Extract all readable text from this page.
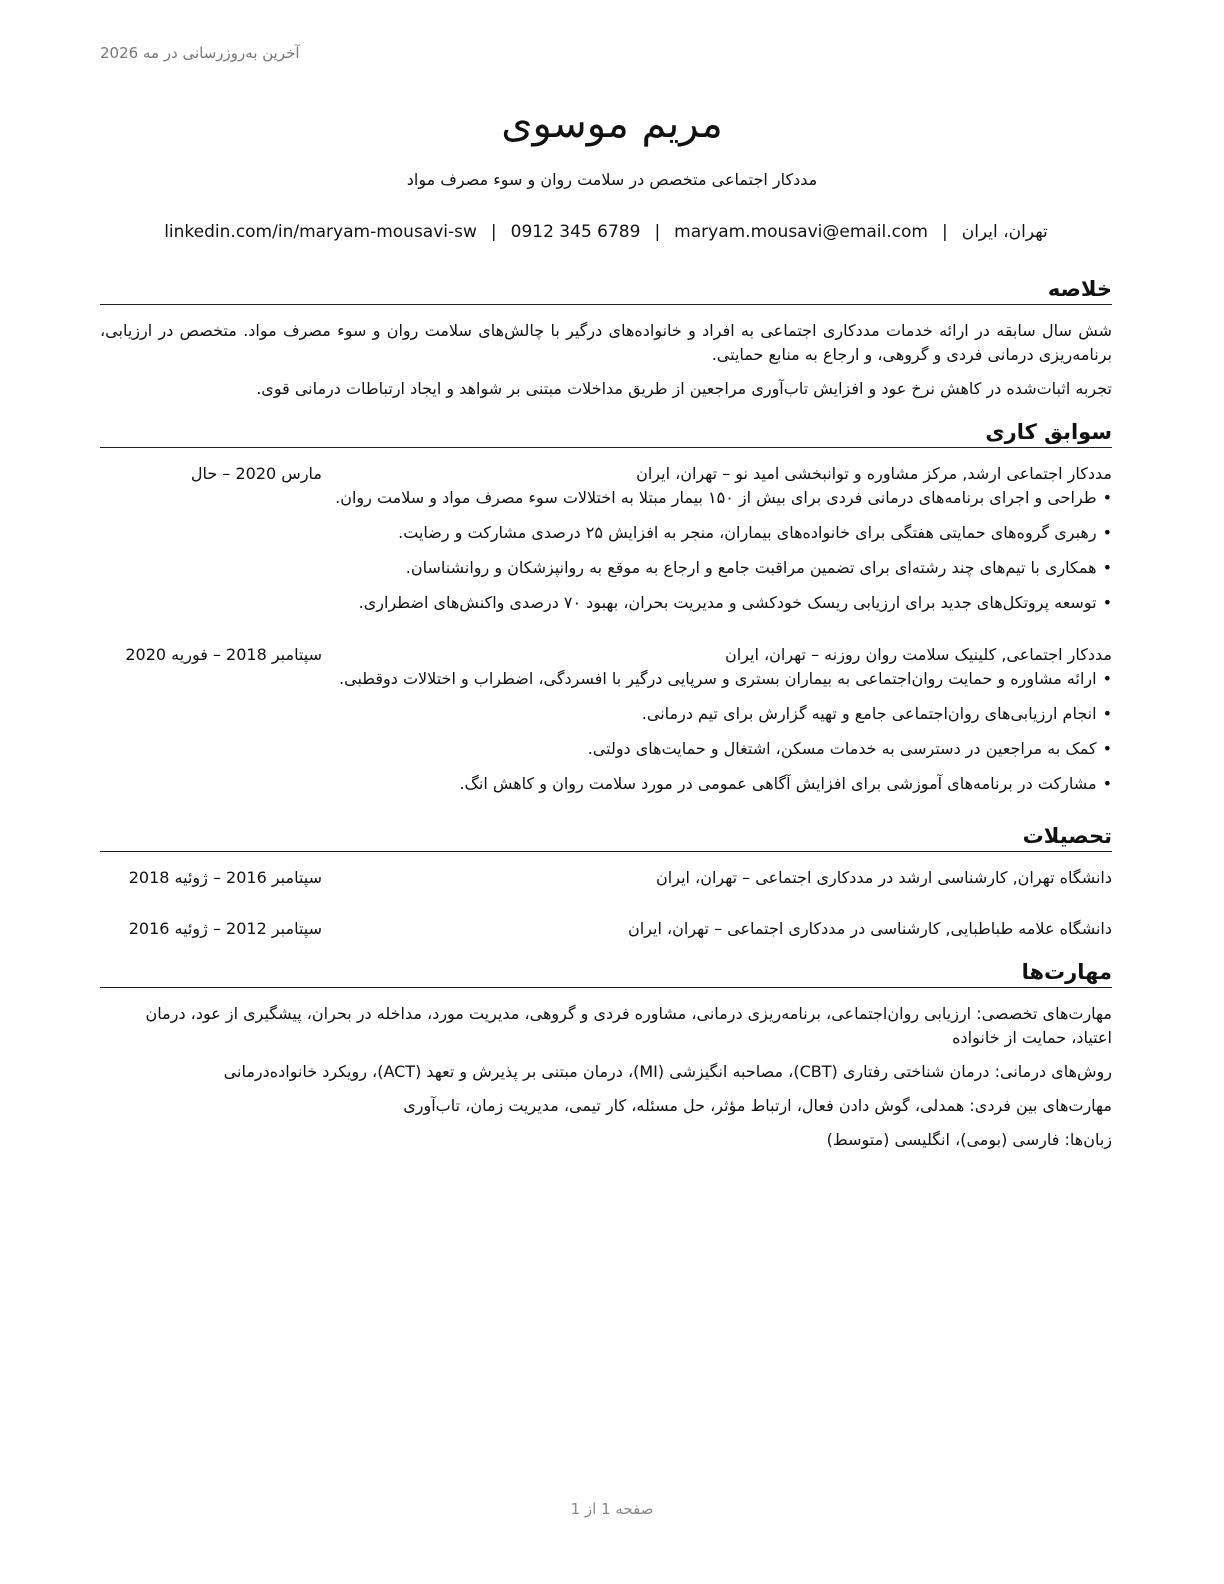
آخرین به‌روزرسانی در مه 2026
مریم موسوی
مددکار اجتماعی متخصص در سلامت روان و سوء مصرف مواد
تهران، ایران
|
maryam.mousavi@email.com
|
0912 345 6789
|
linkedin.com/in/maryam-mousavi-sw
خلاصه

شش سال سابقه در ارائه خدمات مددکاری اجتماعی به افراد و خانواده‌های درگیر با چالش‌های سلامت روان و سوء مصرف مواد. متخصص در ارزیابی، برنامه‌ریزی درمانی فردی و گروهی، و ارجاع به منابع حمایتی.

تجربه اثبات‌شده در کاهش نرخ عود و افزایش تاب‌آوری مراجعین از طریق مداخلات مبتنی بر شواهد و ایجاد ارتباطات درمانی قوی.

سوابق کاری
مددکار اجتماعی ارشد, مرکز مشاوره و توانبخشی امید نو – تهران، ایران
مارس 2020 – حال
• طراحی و اجرای برنامه‌های درمانی فردی برای بیش از ۱۵۰ بیمار مبتلا به اختلالات سوء مصرف مواد و سلامت روان.
• رهبری گروه‌های حمایتی هفتگی برای خانواده‌های بیماران، منجر به افزایش ۲۵ درصدی مشارکت و رضایت.
• همکاری با تیم‌های چند رشته‌ای برای تضمین مراقبت جامع و ارجاع به موقع به روانپزشکان و روانشناسان.
• توسعه پروتکل‌های جدید برای ارزیابی ریسک خودکشی و مدیریت بحران، بهبود ۷۰ درصدی واکنش‌های اضطراری.
مددکار اجتماعی, کلینیک سلامت روان روزنه – تهران، ایران
سپتامبر 2018 – فوریه 2020
• ارائه مشاوره و حمایت روان‌اجتماعی به بیماران بستری و سرپایی درگیر با افسردگی، اضطراب و اختلالات دوقطبی.
• انجام ارزیابی‌های روان‌اجتماعی جامع و تهیه گزارش برای تیم درمانی.
• کمک به مراجعین در دسترسی به خدمات مسکن، اشتغال و حمایت‌های دولتی.
• مشارکت در برنامه‌های آموزشی برای افزایش آگاهی عمومی در مورد سلامت روان و کاهش انگ.
تحصیلات
دانشگاه تهران, کارشناسی ارشد در مددکاری اجتماعی – تهران، ایران
سپتامبر 2016 – ژوئیه 2018
دانشگاه علامه طباطبایی, کارشناسی در مددکاری اجتماعی – تهران، ایران
سپتامبر 2012 – ژوئیه 2016
مهارت‌ها

مهارت‌های تخصصی: ارزیابی روان‌اجتماعی، برنامه‌ریزی درمانی، مشاوره فردی و گروهی، مدیریت مورد، مداخله در بحران، پیشگیری از عود، درمان اعتیاد، حمایت از خانواده

روش‌های درمانی: درمان شناختی رفتاری (CBT)، مصاحبه انگیزشی (MI)، درمان مبتنی بر پذیرش و تعهد (ACT)، رویکرد خانواده‌درمانی

مهارت‌های بین فردی: همدلی، گوش دادن فعال، ارتباط مؤثر، حل مسئله، کار تیمی، مدیریت زمان، تاب‌آوری

زبان‌ها: فارسی (بومی)، انگلیسی (متوسط)

صفحه 1 از 1
